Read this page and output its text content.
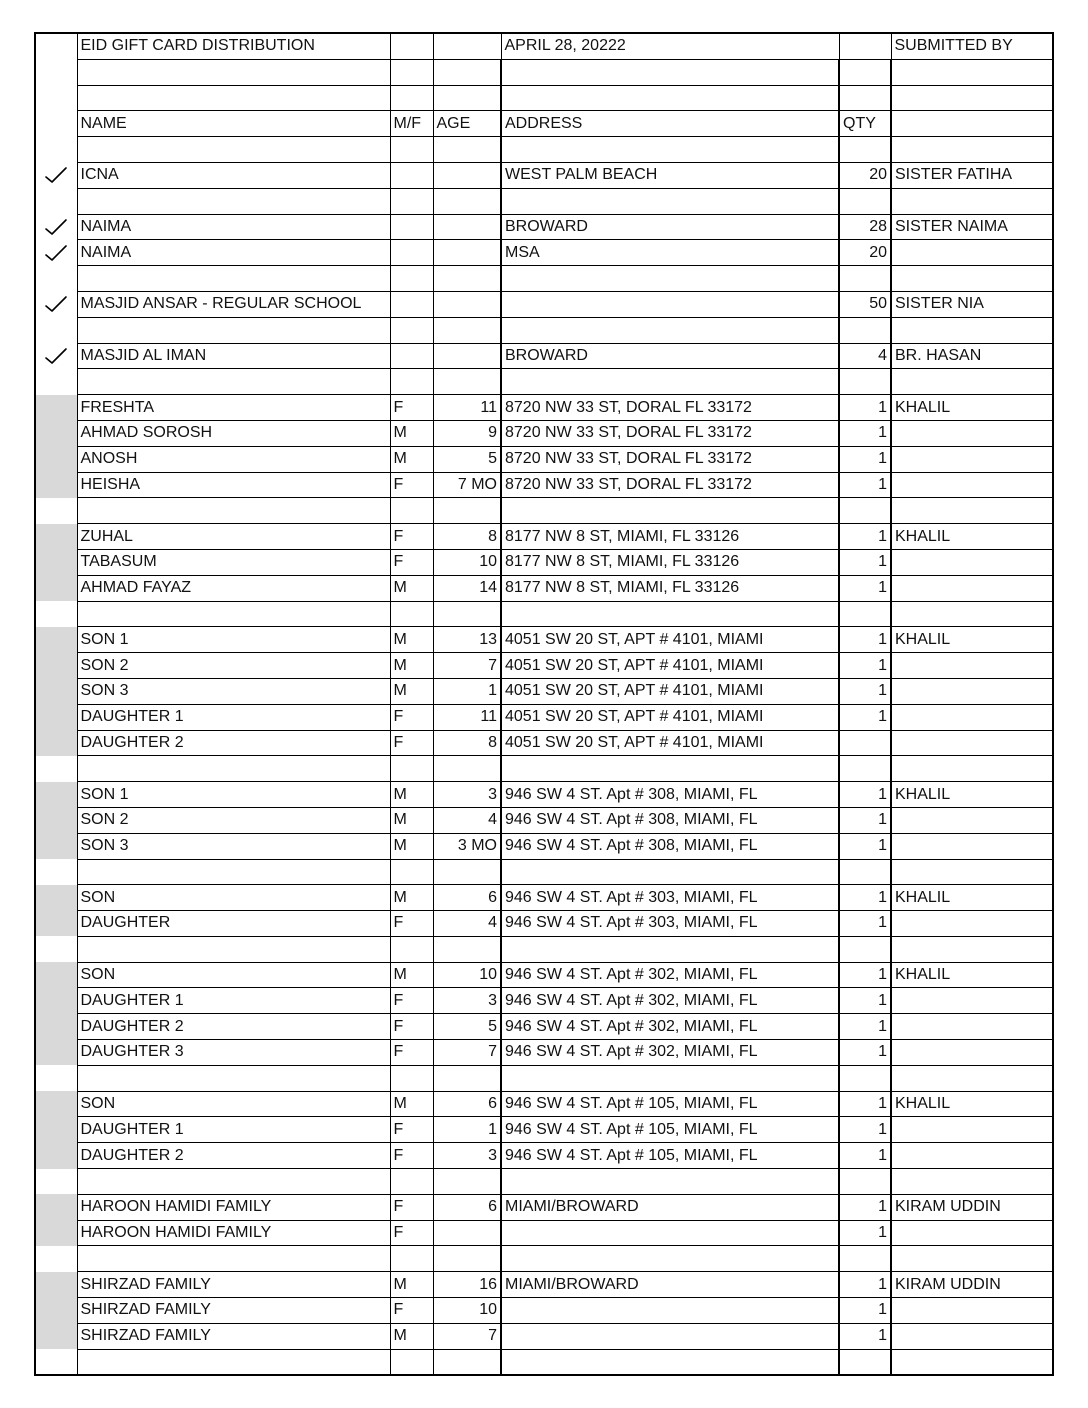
	EID GIFT CARD DISTRIBUTION			APRIL 28, 20222		SUBMITTED BY

	NAME	M/F	AGE	ADDRESS	QTY	

	ICNA			WEST PALM BEACH	20	SISTER FATIHA

	NAIMA			BROWARD	28	SISTER NAIMA
	NAIMA			MSA	20	

	MASJID ANSAR - REGULAR SCHOOL				50	SISTER NIA

	MASJID AL IMAN			BROWARD	4	BR. HASAN

	FRESHTA	F	11	8720 NW 33 ST, DORAL FL 33172	1	KHALIL
	AHMAD SOROSH	M	9	8720 NW 33 ST, DORAL FL 33172	1	
	ANOSH	M	5	8720 NW 33 ST, DORAL FL 33172	1	
	HEISHA	F	7 MO	8720 NW 33 ST, DORAL FL 33172	1	

	ZUHAL	F	8	8177 NW 8 ST, MIAMI, FL 33126	1	KHALIL
	TABASUM	F	10	8177 NW 8 ST, MIAMI, FL 33126	1	
	AHMAD FAYAZ	M	14	8177 NW 8 ST, MIAMI, FL 33126	1	

	SON 1	M	13	4051 SW 20 ST, APT # 4101, MIAMI	1	KHALIL
	SON 2	M	7	4051 SW 20 ST, APT # 4101, MIAMI	1	
	SON 3	M	1	4051 SW 20 ST, APT # 4101, MIAMI	1	
	DAUGHTER 1	F	11	4051 SW 20 ST, APT # 4101, MIAMI	1	
	DAUGHTER 2	F	8	4051 SW 20 ST, APT # 4101, MIAMI		

	SON 1	M	3	946 SW 4 ST. Apt # 308, MIAMI, FL	1	KHALIL
	SON 2	M	4	946 SW 4 ST. Apt # 308, MIAMI, FL	1	
	SON 3	M	3 MO	946 SW 4 ST. Apt # 308, MIAMI, FL	1	

	SON	M	6	946 SW 4 ST. Apt # 303, MIAMI, FL	1	KHALIL
	DAUGHTER	F	4	946 SW 4 ST. Apt # 303, MIAMI, FL	1	

	SON	M	10	946 SW 4 ST. Apt # 302, MIAMI, FL	1	KHALIL
	DAUGHTER 1	F	3	946 SW 4 ST. Apt # 302, MIAMI, FL	1	
	DAUGHTER 2	F	5	946 SW 4 ST. Apt # 302, MIAMI, FL	1	
	DAUGHTER 3	F	7	946 SW 4 ST. Apt # 302, MIAMI, FL	1	

	SON	M	6	946 SW 4 ST. Apt # 105, MIAMI, FL	1	KHALIL
	DAUGHTER 1	F	1	946 SW 4 ST. Apt # 105, MIAMI, FL	1	
	DAUGHTER 2	F	3	946 SW 4 ST. Apt # 105, MIAMI, FL	1	

	HAROON HAMIDI FAMILY	F	6	MIAMI/BROWARD	1	KIRAM UDDIN
	HAROON HAMIDI FAMILY	F			1	

	SHIRZAD FAMILY	M	16	MIAMI/BROWARD	1	KIRAM UDDIN
	SHIRZAD FAMILY	F	10		1	
	SHIRZAD FAMILY	M	7		1	
